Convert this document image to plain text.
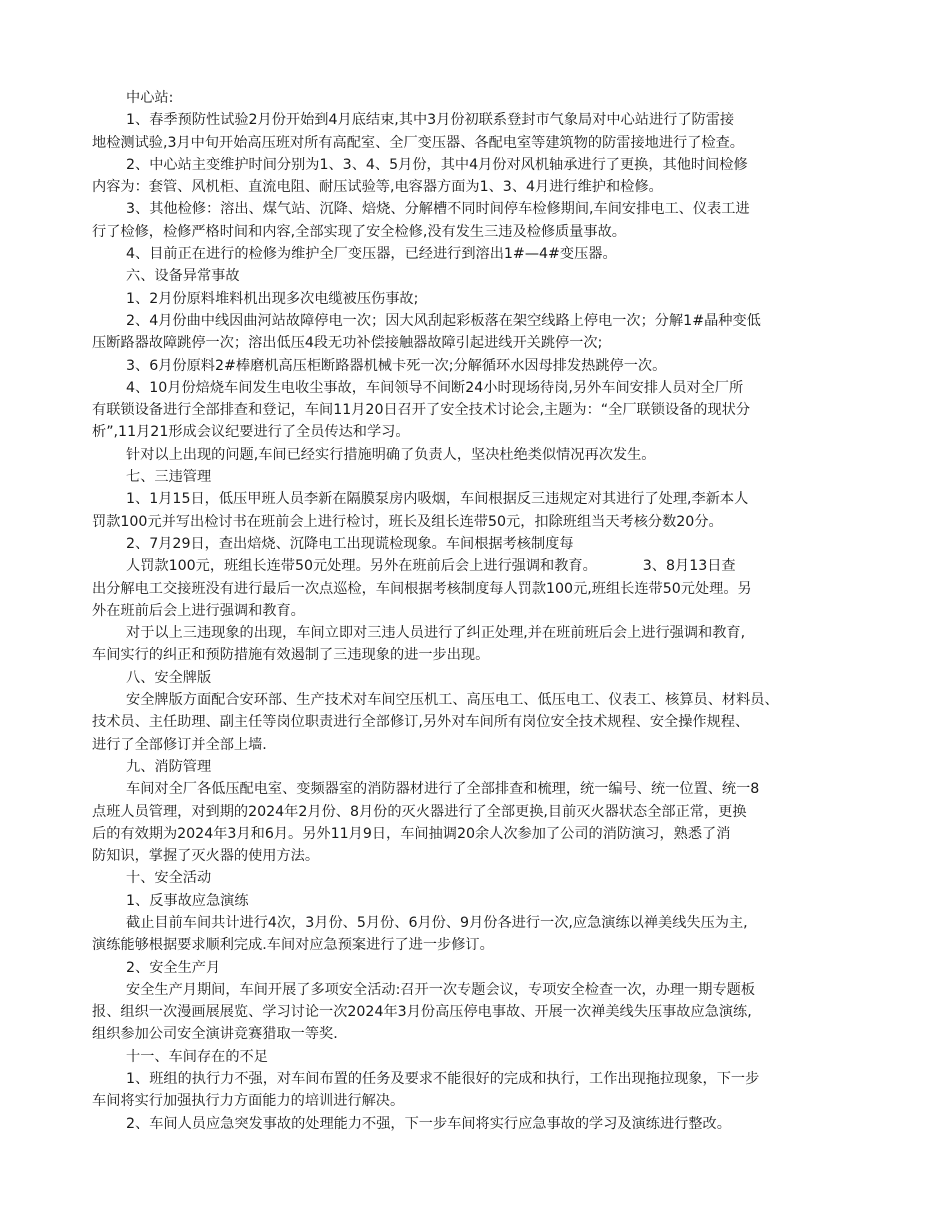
中心站:
1、春季预防性试验2月份开始到4月底结束,其中3月份初联系登封市气象局对中心站进行了防雷接
地检测试验,3月中旬开始高压班对所有高配室、全厂变压器、各配电室等建筑物的防雷接地进行了检查。
2、中心站主变维护时间分别为1、3、4、5月份，其中4月份对风机轴承进行了更换，其他时间检修
内容为：套管、风机柜、直流电阻、耐压试验等,电容器方面为1、3、4月进行维护和检修。
3、其他检修：溶出、煤气站、沉降、焙烧、分解槽不同时间停车检修期间,车间安排电工、仪表工进
行了检修，检修严格时间和内容,全部实现了安全检修,没有发生三违及检修质量事故。
4、目前正在进行的检修为维护全厂变压器，已经进行到溶出1#—4#变压器。
六、设备异常事故
1、2月份原料堆料机出现多次电缆被压伤事故;
2、4月份曲中线因曲河站故障停电一次；因大风刮起彩板落在架空线路上停电一次；分解1#晶种变低
压断路器故障跳停一次；溶出低压4段无功补偿接触器故障引起进线开关跳停一次;
3、6月份原料2#棒磨机高压柜断路器机械卡死一次;分解循环水因母排发热跳停一次。
4、10月份焙烧车间发生电收尘事故，车间领导不间断24小时现场待岗,另外车间安排人员对全厂所
有联锁设备进行全部排查和登记，车间11月20日召开了安全技术讨论会,主题为：“全厂联锁设备的现状分
析”,11月21形成会议纪要进行了全员传达和学习。
针对以上出现的问题,车间已经实行措施明确了负责人，坚决杜绝类似情况再次发生。
七、三违管理
1、1月15日，低压甲班人员李新在隔膜泵房内吸烟，车间根据反三违规定对其进行了处理,李新本人
罚款100元并写出检讨书在班前会上进行检讨，班长及组长连带50元，扣除班组当天考核分数20分。
2、7月29日，查出焙烧、沉降电工出现谎检现象。车间根据考核制度每
人罚款100元，班组长连带50元处理。另外在班前后会上进行强调和教育。	3、8月13日查
出分解电工交接班没有进行最后一次点巡检，车间根据考核制度每人罚款100元,班组长连带50元处理。另
外在班前后会上进行强调和教育。
对于以上三违现象的出现，车间立即对三违人员进行了纠正处理,并在班前班后会上进行强调和教育,
车间实行的纠正和预防措施有效遏制了三违现象的进一步出现。
八、安全牌版
安全牌版方面配合安环部、生产技术对车间空压机工、高压电工、低压电工、仪表工、核算员、材料员、
技术员、主任助理、副主任等岗位职责进行全部修订,另外对车间所有岗位安全技术规程、安全操作规程、
进行了全部修订并全部上墙.
九、消防管理
车间对全厂各低压配电室、变频器室的消防器材进行了全部排查和梳理，统一编号、统一位置、统一8
点班人员管理，对到期的2024年2月份、8月份的灭火器进行了全部更换,目前灭火器状态全部正常，更换
后的有效期为2024年3月和6月。另外11月9日，车间抽调20余人次参加了公司的消防演习，熟悉了消
防知识，掌握了灭火器的使用方法。
十、安全活动
1、反事故应急演练
截止目前车间共计进行4次，3月份、5月份、6月份、9月份各进行一次,应急演练以禅美线失压为主,
演练能够根据要求顺利完成.车间对应急预案进行了进一步修订。
2、安全生产月
安全生产月期间，车间开展了多项安全活动:召开一次专题会议，专项安全检查一次，办理一期专题板
报、组织一次漫画展展览、学习讨论一次2024年3月份高压停电事故、开展一次禅美线失压事故应急演练,
组织参加公司安全演讲竞赛猎取一等奖.
十一、车间存在的不足
1、班组的执行力不强，对车间布置的任务及要求不能很好的完成和执行，工作出现拖拉现象，下一步
车间将实行加强执行力方面能力的培训进行解决。
2、车间人员应急突发事故的处理能力不强，下一步车间将实行应急事故的学习及演练进行整改。
